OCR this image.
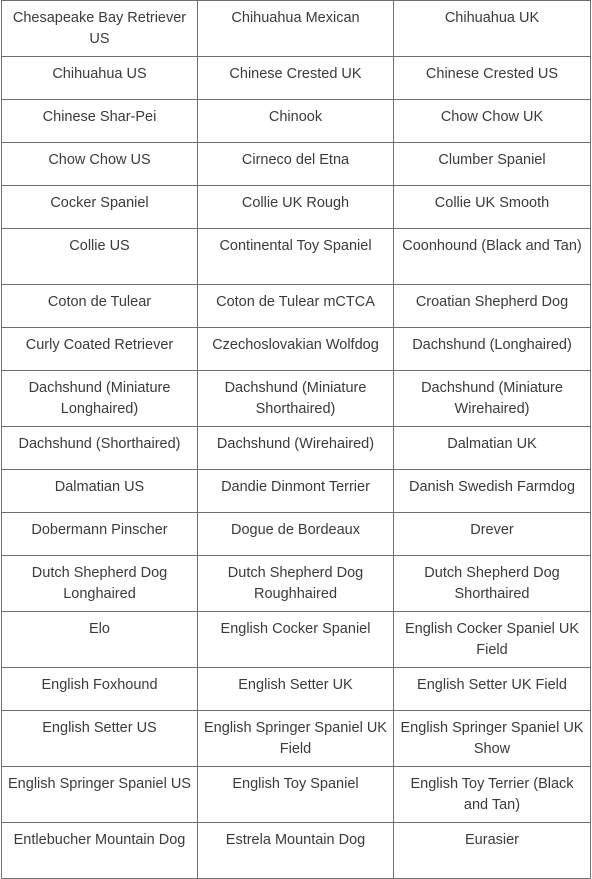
Chesapeake Bay Retriever US	Chihuahua Mexican	Chihuahua UK
Chihuahua US	Chinese Crested UK	Chinese Crested US
Chinese Shar-Pei	Chinook	Chow Chow UK
Chow Chow US	Cirneco del Etna	Clumber Spaniel
Cocker Spaniel	Collie UK Rough	Collie UK Smooth
Collie US	Continental Toy Spaniel	Coonhound (Black and Tan)
Coton de Tulear	Coton de Tulear mCTCA	Croatian Shepherd Dog
Curly Coated Retriever	Czechoslovakian Wolfdog	Dachshund (Longhaired)
Dachshund (Miniature Longhaired)	Dachshund (Miniature Shorthaired)	Dachshund (Miniature Wirehaired)
Dachshund (Shorthaired)	Dachshund (Wirehaired)	Dalmatian UK
Dalmatian US	Dandie Dinmont Terrier	Danish Swedish Farmdog
Dobermann Pinscher	Dogue de Bordeaux	Drever
Dutch Shepherd Dog Longhaired	Dutch Shepherd Dog Roughhaired	Dutch Shepherd Dog Shorthaired
Elo	English Cocker Spaniel	English Cocker Spaniel UK Field
English Foxhound	English Setter UK	English Setter UK Field
English Setter US	English Springer Spaniel UK Field	English Springer Spaniel UK Show
English Springer Spaniel US	English Toy Spaniel	English Toy Terrier (Black and Tan)
Entlebucher Mountain Dog	Estrela Mountain Dog	Eurasier
